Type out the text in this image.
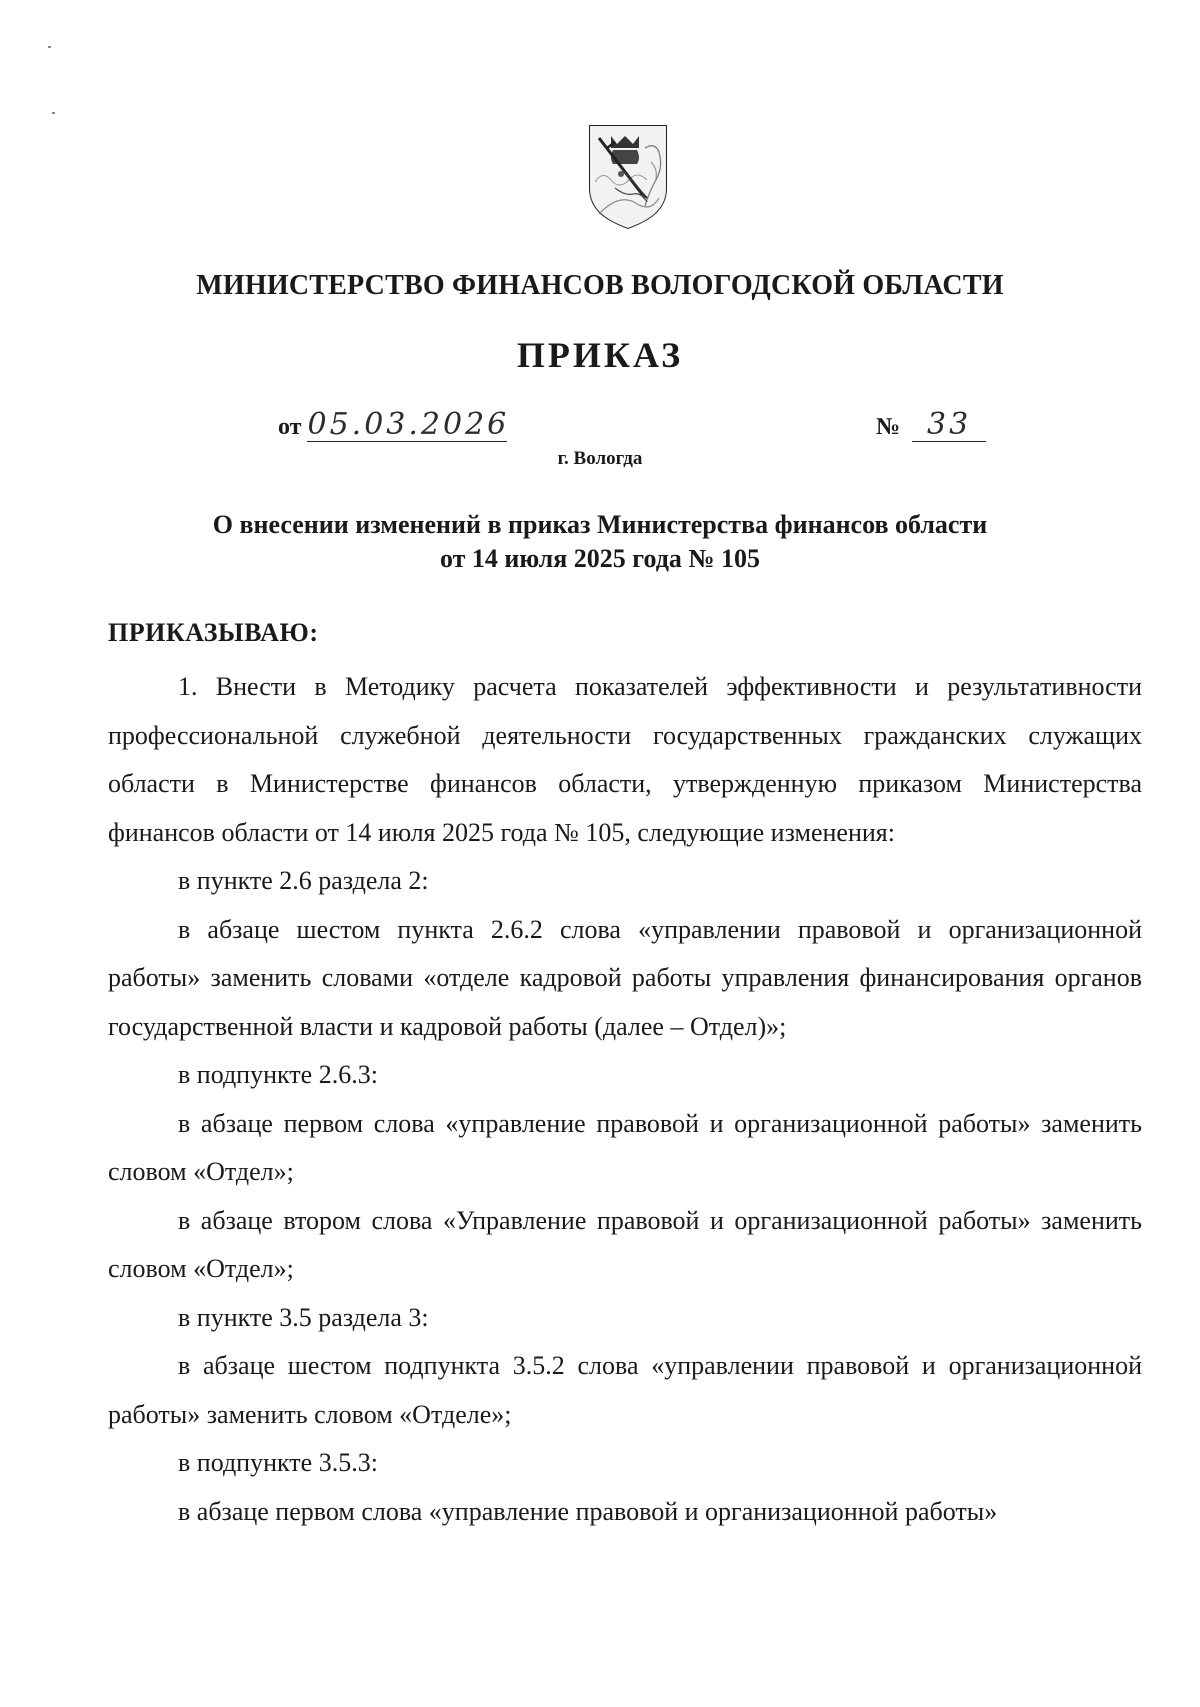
МИНИСТЕРСТВО ФИНАНСОВ ВОЛОГОДСКОЙ ОБЛАСТИ
ПРИКАЗ
от 05.03.2026	№ 33
г. Вологда
О внесении изменений в приказ Министерства финансов области
от 14 июля 2025 года № 105
ПРИКАЗЫВАЮ:

1. Внести в Методику расчета показателей эффективности и результативности профессиональной служебной деятельности государственных гражданских служащих области в Министерстве финансов области, утвержденную приказом Министерства финансов области от 14 июля 2025 года № 105, следующие изменения:

в пункте 2.6 раздела 2:

в абзаце шестом пункта 2.6.2 слова «управлении правовой и организационной работы» заменить словами «отделе кадровой работы управления финансирования органов государственной власти и кадровой работы (далее – Отдел)»;

в подпункте 2.6.3:

в абзаце первом слова «управление правовой и организационной работы» заменить словом «Отдел»;

в абзаце втором слова «Управление правовой и организационной работы» заменить словом «Отдел»;

в пункте 3.5 раздела 3:

в абзаце шестом подпункта 3.5.2 слова «управлении правовой и организационной работы» заменить словом «Отделе»;

в подпункте 3.5.3:

в абзаце первом слова «управление правовой и организационной работы»
